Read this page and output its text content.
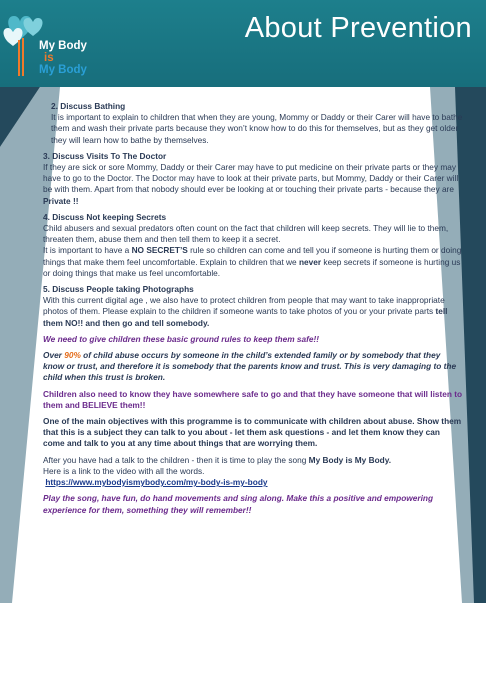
My Body
is
My Body
About Prevention

2. Discuss Bathing
It is important to explain to children that when they are young, Mommy or Daddy or their Carer will have to bathe them and wash their private parts because they won’t know how to do this for themselves, but as they get older they will learn how to bathe by themselves.

3. Discuss Visits To The Doctor
If they are sick or sore Mommy, Daddy or their Carer may have to put medicine on their private parts or they may have to go to the Doctor. The Doctor may have to look at their private parts, but Mommy, Daddy or their Carer will be with them. Apart from that nobody should ever be looking at or touching their private parts - because they are Private !!

4. Discuss Not keeping Secrets
Child abusers and sexual predators often count on the fact that children will keep secrets. They will lie to them, threaten them, abuse them and then tell them to keep it a secret.
It is important to have a NO SECRET’S rule so children can come and tell you if someone is hurting them or doing things that make them feel uncomfortable. Explain to children that we never keep secrets if someone is hurting us or doing things that make us feel uncomfortable.

5. Discuss People taking Photographs
With this current digital age , we also have to protect children from people that may want to take inappropriate photos of them. Please explain to the children if someone wants to take photos of you or your private parts tell them NO!! and then go and tell somebody.

We need to give children these basic ground rules to keep them safe!!

Over 90% of child abuse occurs by someone in the child’s extended family or by somebody that they know or trust, and therefore it is somebody that the parents know and trust. This is very damaging to the child when this trust is broken.

Children also need to know they have somewhere safe to go and that they have someone that will listen to them and BELIEVE them!!

One of the main objectives with this programme is to communicate with children about abuse. Show them that this is a subject they can talk to you about - let them ask questions - and let them know they can come and talk to you at any time about things that are worrying them.

After you have had a talk to the children - then it is time to play the song My Body is My Body.
Here is a link to the video with all the words.
https://www.mybodyismybody.com/my-body-is-my-body

Play the song, have fun, do hand movements and sing along. Make this a positive and empowering experience for them, something they will remember!!
